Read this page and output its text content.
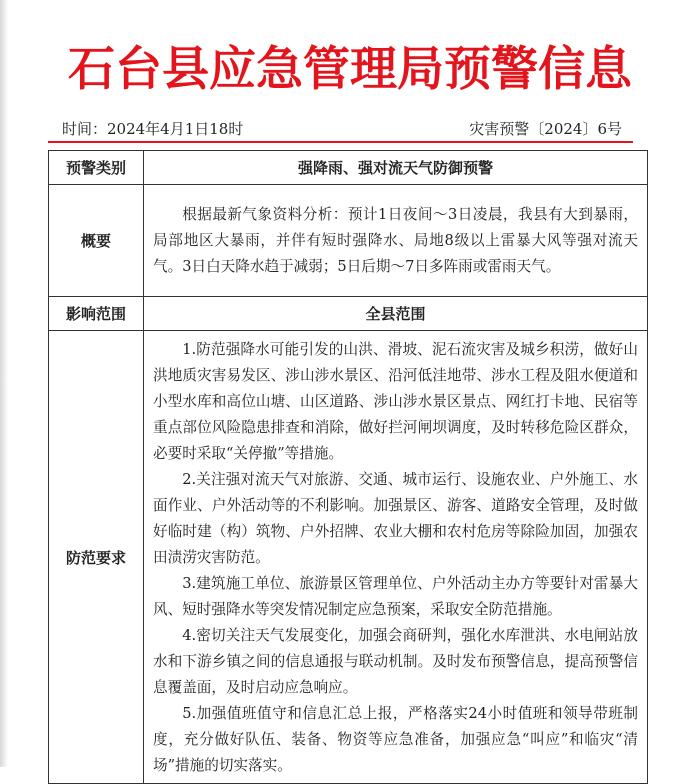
石台县应急管理局预警信息
时间：2024年4月1日18时	灾害预警〔2024〕6号
预警类别	强降雨、强对流天气防御预警
概要	根据最新气象资料分析：预计1日夜间～3日凌晨，我县有大到暴雨，局部地区大暴雨，并伴有短时强降水、局地8级以上雷暴大风等强对流天气。3日白天降水趋于减弱；5日后期～7日多阵雨或雷雨天气。

影响范围	全县范围
防范要求	1.防范强降水可能引发的山洪、滑坡、泥石流灾害及城乡积涝，做好山洪地质灾害易发区、涉山涉水景区、沿河低洼地带、涉水工程及阻水便道和小型水库和高位山塘、山区道路、涉山涉水景区景点、网红打卡地、民宿等重点部位风险隐患排查和消除，做好拦河闸坝调度，及时转移危险区群众，必要时采取“关停撤”等措施。
2.关注强对流天气对旅游、交通、城市运行、设施农业、户外施工、水面作业、户外活动等的不利影响。加强景区、游客、道路安全管理，及时做好临时建（构）筑物、户外招牌、农业大棚和农村危房等除险加固，加强农田渍涝灾害防范。
3.建筑施工单位、旅游景区管理单位、户外活动主办方等要针对雷暴大风、短时强降水等突发情况制定应急预案，采取安全防范措施。
4.密切关注天气发展变化，加强会商研判，强化水库泄洪、水电闸站放水和下游乡镇之间的信息通报与联动机制。及时发布预警信息，提高预警信息覆盖面，及时启动应急响应。
5.加强值班值守和信息汇总上报，严格落实24小时值班和领导带班制度，充分做好队伍、装备、物资等应急准备，加强应急“叫应”和临灾“清场”措施的切实落实。
